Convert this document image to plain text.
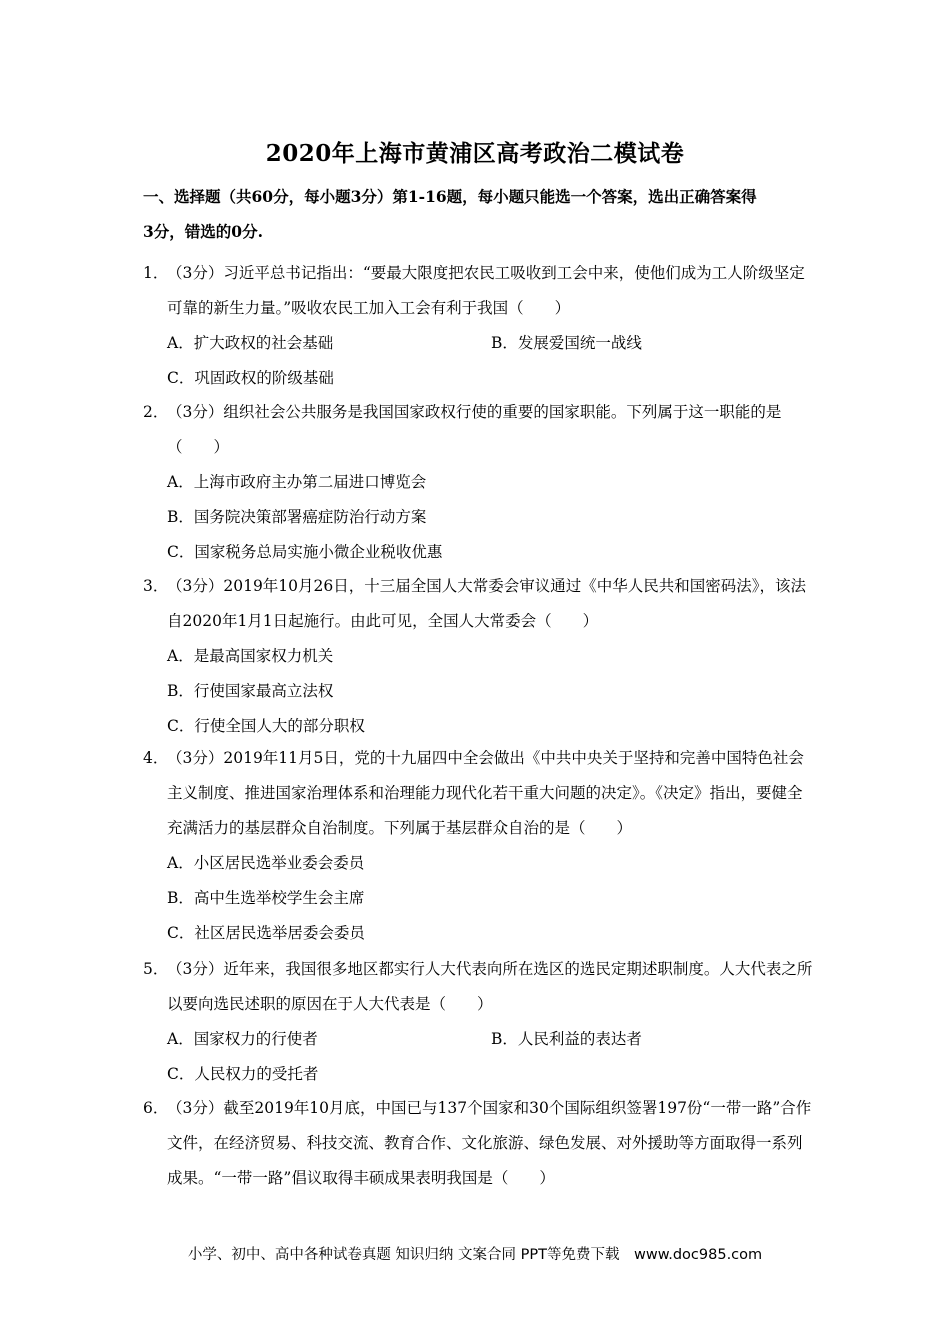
2020年上海市黄浦区高考政治二模试卷
一、选择题（共60分，每小题3分）第1-16题，每小题只能选一个答案，选出正确答案得
3分，错选的0分.
1．（3分）习近平总书记指出：“要最大限度把农民工吸收到工会中来，使他们成为工人阶级坚定可靠的新生力量。”吸收农民工加入工会有利于我国（　　）
A．扩大政权的社会基础	B．发展爱国统一战线
C．巩固政权的阶级基础
2．（3分）组织社会公共服务是我国国家政权行使的重要的国家职能。下列属于这一职能的是（　　）
A．上海市政府主办第二届进口博览会
B．国务院决策部署癌症防治行动方案
C．国家税务总局实施小微企业税收优惠
3．（3分）2019年10月26日，十三届全国人大常委会审议通过《中华人民共和国密码法》，该法自2020年1月1日起施行。由此可见，全国人大常委会（　　）
A．是最高国家权力机关
B．行使国家最高立法权
C．行使全国人大的部分职权
4．（3分）2019年11月5日，党的十九届四中全会做出《中共中央关于坚持和完善中国特色社会主义制度、推进国家治理体系和治理能力现代化若干重大问题的决定》。《决定》指出，要健全充满活力的基层群众自治制度。下列属于基层群众自治的是（　　）
A．小区居民选举业委会委员
B．高中生选举校学生会主席
C．社区居民选举居委会委员
5．（3分）近年来，我国很多地区都实行人大代表向所在选区的选民定期述职制度。人大代表之所以要向选民述职的原因在于人大代表是（　　）
A．国家权力的行使者	B．人民利益的表达者
C．人民权力的受托者
6．（3分）截至2019年10月底，中国已与137个国家和30个国际组织签署197份“一带一路”合作文件，在经济贸易、科技交流、教育合作、文化旅游、绿色发展、对外援助等方面取得一系列成果。“一带一路”倡议取得丰硕成果表明我国是（　　）
小学、初中、高中各种试卷真题 知识归纳 文案合同 PPT等免费下载　www.doc985.com
